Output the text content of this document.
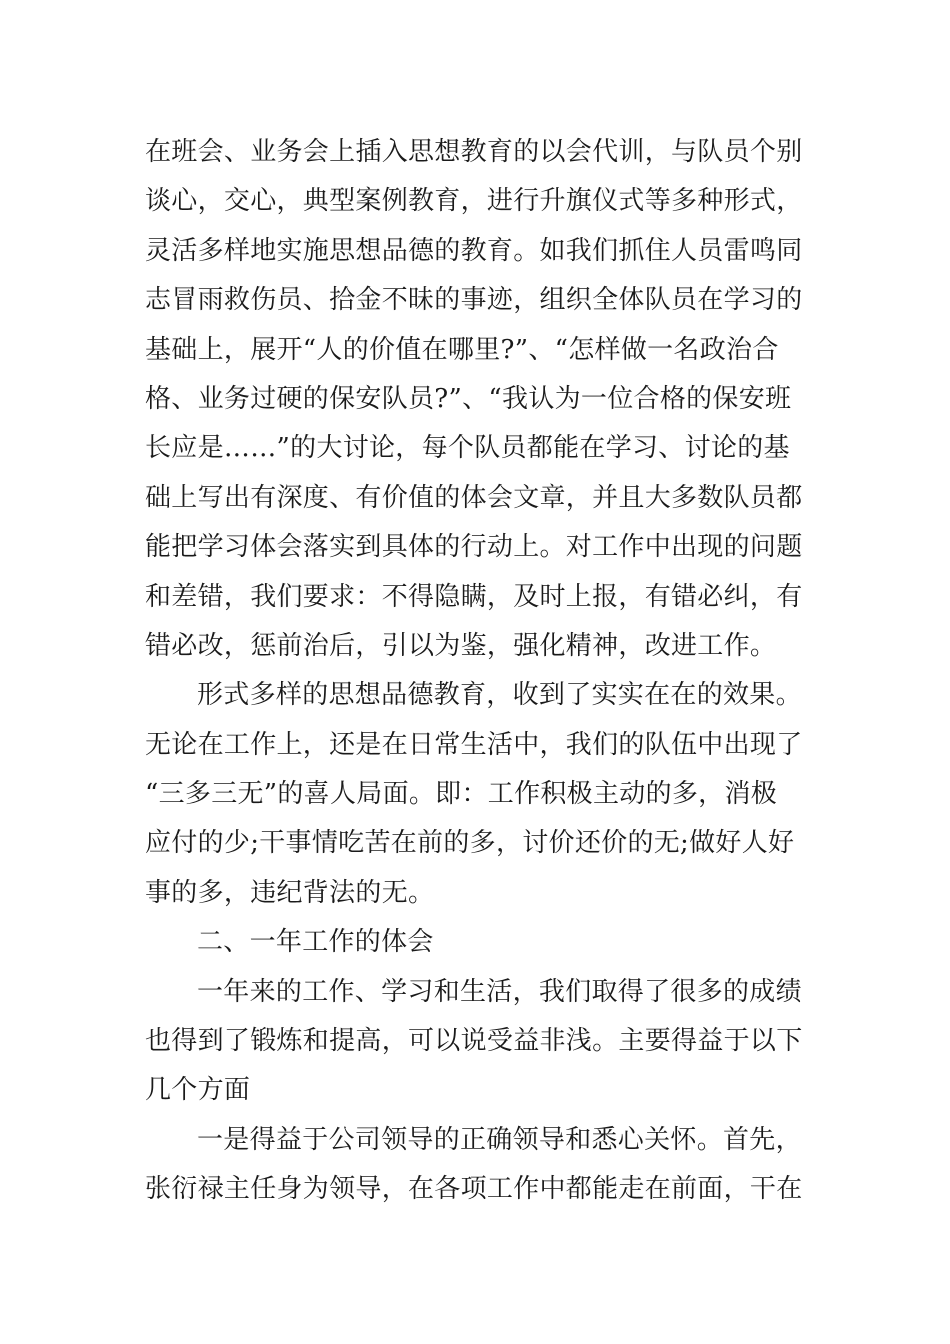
在班会、业务会上插入思想教育的以会代训，与队员个别
谈心，交心，典型案例教育，进行升旗仪式等多种形式，
灵活多样地实施思想品德的教育。如我们抓住人员雷鸣同
志冒雨救伤员、拾金不昧的事迹，组织全体队员在学习的
基础上，展开“人的价值在哪里?”、“怎样做一名政治合
格、业务过硬的保安队员?”、“我认为一位合格的保安班
长应是……”的大讨论，每个队员都能在学习、讨论的基
础上写出有深度、有价值的体会文章，并且大多数队员都
能把学习体会落实到具体的行动上。对工作中出现的问题
和差错，我们要求：不得隐瞒，及时上报，有错必纠，有
错必改，惩前治后，引以为鉴，强化精神，改进工作。
形式多样的思想品德教育，收到了实实在在的效果。
无论在工作上，还是在日常生活中，我们的队伍中出现了
“三多三无”的喜人局面。即：工作积极主动的多，消极
应付的少;干事情吃苦在前的多，讨价还价的无;做好人好
事的多，违纪背法的无。
二、一年工作的体会
一年来的工作、学习和生活，我们取得了很多的成绩
也得到了锻炼和提高，可以说受益非浅。主要得益于以下
几个方面
一是得益于公司领导的正确领导和悉心关怀。首先，
张衍禄主任身为领导，在各项工作中都能走在前面，干在
